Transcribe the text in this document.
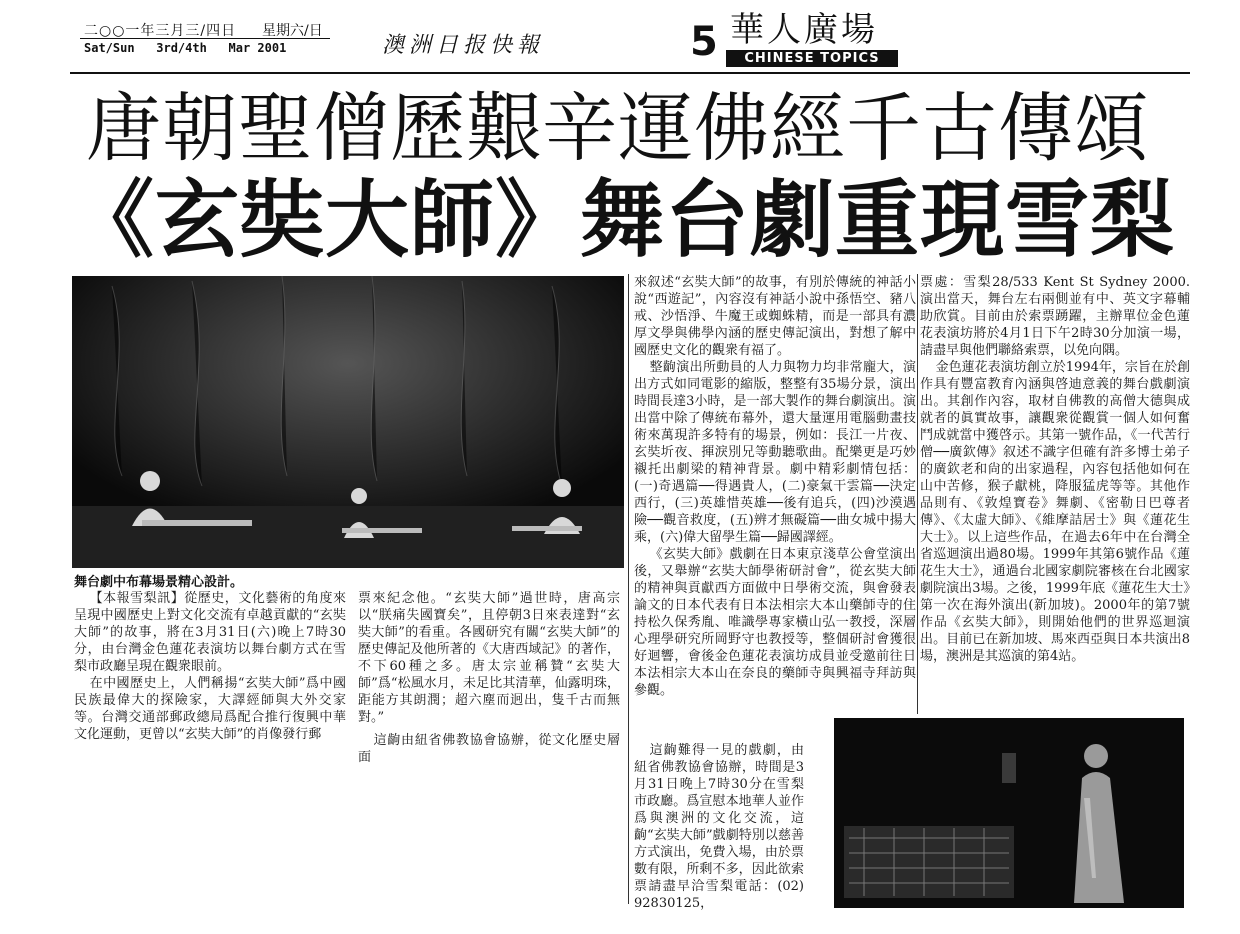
二○○一年三月三/四日 星期六/日
Sat/Sun   3rd/4th   Mar 2001	澳洲日报快報	5 華人廣場
CHINESE TOPICS
唐朝聖僧歷艱辛運佛經千古傳頌
《玄奘大師》舞台劇重現雪梨
舞台劇中布幕場景精心設計。

【本報雪梨訊】從歷史，文化藝術的角度來呈現中國歷史上對文化交流有卓越貢獻的“玄奘大師”的故事，將在3月31日(六)晚上7時30分，由台灣金色蓮花表演坊以舞台劇方式在雪梨市政廳呈現在觀衆眼前。

在中國歷史上，人們稱揚“玄奘大師”爲中國民族最偉大的探險家，大譯經師與大外交家等。台灣交通部郵政總局爲配合推行復興中華文化運動，更曾以“玄奘大師”的肖像發行郵

票來紀念他。“玄奘大師”過世時，唐高宗以“朕痛失國寶矣”，且停朝3日來表達對“玄奘大師”的看重。各國研究有關“玄奘大師”的歷史傳記及他所著的《大唐西域記》的著作，不下60種之多。唐太宗並稱贊“玄奘大師”爲“松風水月，未足比其清華，仙露明珠，距能方其朗潤；超六塵而迥出，隻千古而無對。”

這齣由紐省佛教協會協辦，從文化歷史層面

來叙述“玄奘大師”的故事，有別於傳統的神話小說“西遊記”，內容沒有神話小說中孫悟空、豬八戒、沙悟淨、牛魔王或蜘蛛精，而是一部具有濃厚文學與佛學內涵的歷史傳記演出，對想了解中國歷史文化的觀衆有福了。

整齣演出所動員的人力與物力均非常龐大，演出方式如同電影的縮版，整整有35場分景，演出時間長達3小時，是一部大製作的舞台劇演出。演出當中除了傳統布幕外，還大量運用電腦動畫技術來萬現許多特有的場景，例如：長江一片夜、玄奘圻夜、揮淚別兄等動聽歌曲。配樂更是巧妙襯托出劇梁的精神背景。劇中精彩劇情包括：(一)奇遇篇──得遇貴人，(二)豪氣干雲篇──決定西行，(三)英雄惜英雄──後有追兵，(四)沙漠遇險──觀音救度，(五)辨才無礙篇──曲女城中揚大乘，(六)偉大留學生篇──歸國譯經。

《玄奘大師》戲劇在日本東京淺草公會堂演出後，又舉辦“玄奘大師學術研討會”，從玄奘大師的精神與貢獻西方面做中日學術交流，與會發表論文的日本代表有日本法相宗大本山藥師寺的住持松久保秀胤、唯識學專家橫山弘一教授，深層心理學研究所岡野守也教授等，整個研討會獲很好迴響，會後金色蓮花表演坊成員並受邀前往日本法相宗大本山在奈良的藥師寺與興福寺拜訪與參觀。

這齣難得一見的戲劇，由紐省佛教協會協辦，時間是3月31日晚上7時30分在雪梨市政廳。爲宣慰本地華人並作爲與澳洲的文化交流，這齣“玄奘大師”戲劇特別以慈善方式演出，免費入場，由於票數有限，所剩不多，因此欲索票請盡早洽雪梨電話：(02) 92830125，

票處：雪梨28/533 Kent St Sydney 2000. 演出當天，舞台左右兩側並有中、英文字幕輔助欣賞。目前由於索票踴躍，主辦單位金色蓮花表演坊將於4月1日下午2時30分加演一場，請盡早與他們聯絡索票，以免向隅。

金色蓮花表演坊創立於1994年，宗旨在於創作具有豐富教育內涵與啓迪意義的舞台戲劇演出。其創作內容，取材自佛教的高僧大德與成就者的眞實故事，讓觀衆從觀賞一個人如何奮鬥成就當中獲啓示。其第一號作品，《一代苦行僧──廣欽傳》叙述不識字但確有許多博士弟子的廣欽老和尙的出家過程，內容包括他如何在山中苦修，猴子獻桃，降服猛虎等等。其他作品則有、《敦煌寶卷》舞劇、《密勒日巴尊者傳》、《太虛大師》、《維摩詰居士》與《蓮花生大士》。以上這些作品，在過去6年中在台灣全省巡迴演出過80場。1999年其第6號作品《蓮花生大士》，通過台北國家劇院審核在台北國家劇院演出3場。之後，1999年底《蓮花生大士》第一次在海外演出(新加坡)。2000年的第7號作品《玄奘大師》，則開始他們的世界巡迴演出。目前已在新加坡、馬來西亞與日本共演出8場，澳洲是其巡演的第4站。
